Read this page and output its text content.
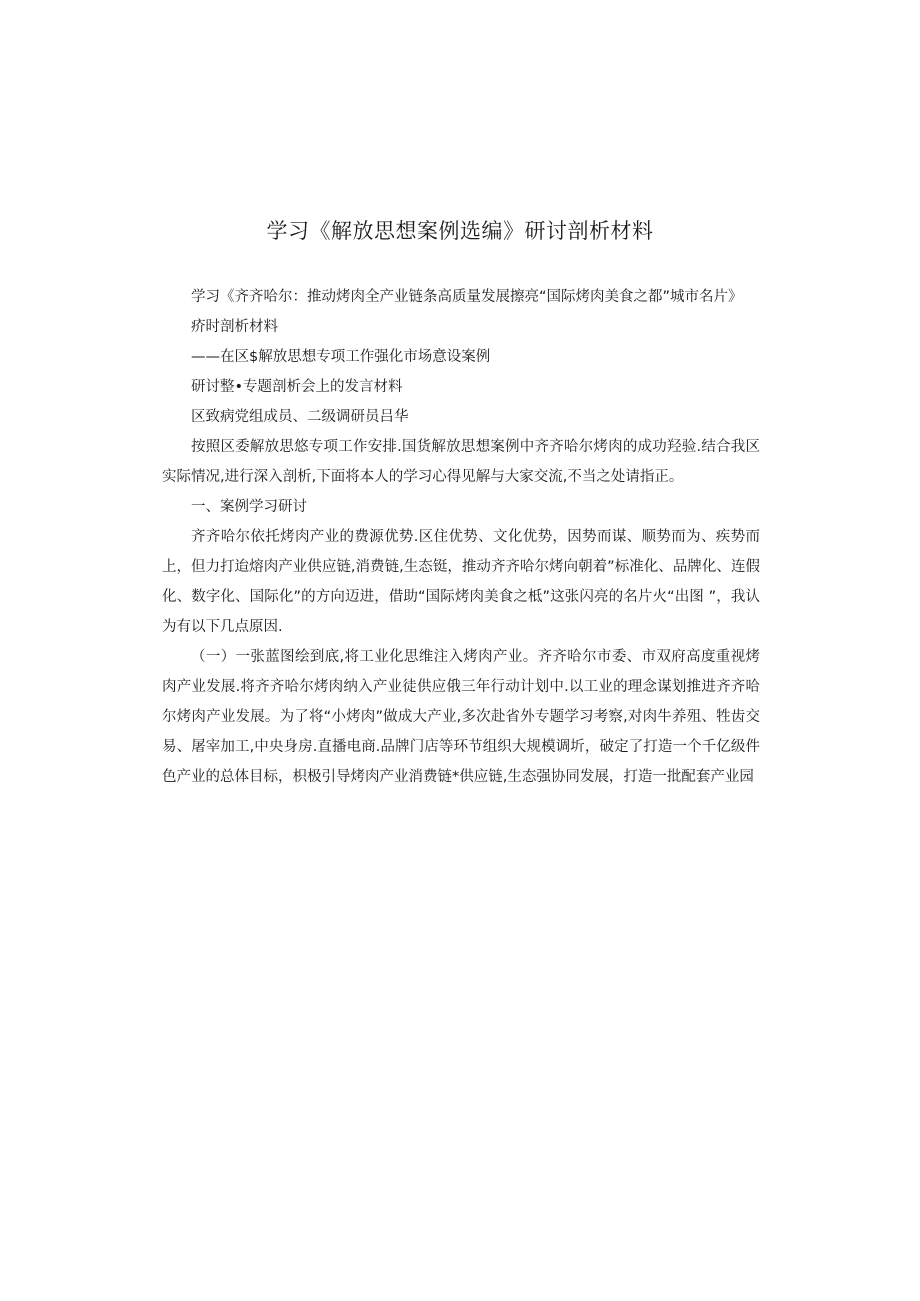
学习《解放思想案例选编》研讨剖析材料

学习《齐齐哈尔：推动烤肉全产业链条高质量发展擦亮“国际烤肉美食之都”城市名片》

疥时剖析材料

——在区$解放思想专项工作强化市场意设案例

研讨整•专题剖析会上的发言材料

区致病党组成员、二级调研员吕华

按照区委解放思悠专项工作安排.国货解放思想案例中齐齐哈尔烤肉的成功羟验.结合我区实际情况,进行深入剖析,下面将本人的学习心得见解与大家交流,不当之处请指正。

一、案例学习研讨

齐齐哈尔依托烤肉产业的费源优势.区住优势、文化优势，因势而谋、顺势而为、疾势而上，但力打迨熔肉产业供应链,消费链,生态铤，推动齐齐哈尔烤向朝着”标准化、品牌化、连假化、数字化、国际化”的方向迈进，借助“国际烤肉美食之柢”这张闪亮的名片火“出图 ”，我认为有以下几点原因.

（一）一张蓝图绘到底,将工业化思维注入烤肉产业。齐齐哈尔市委、市双府高度重视烤肉产业发展.将齐齐哈尔烤肉纳入产业徒供应俄三年行动计划中.以工业的理念谋划推进齐齐哈尔烤肉产业发展。为了将“小烤肉”做成大产业,多次赴省外专题学习考察,对肉牛养殂、牲齿交易、屠宰加工,中央身房.直播电商.品牌门店等环节组织大规模调圻，破定了打造一个千亿级件色产业的总体目标，枳极引导烤肉产业消费链*供应链,生态强协同发展，打造一批配套产业园
